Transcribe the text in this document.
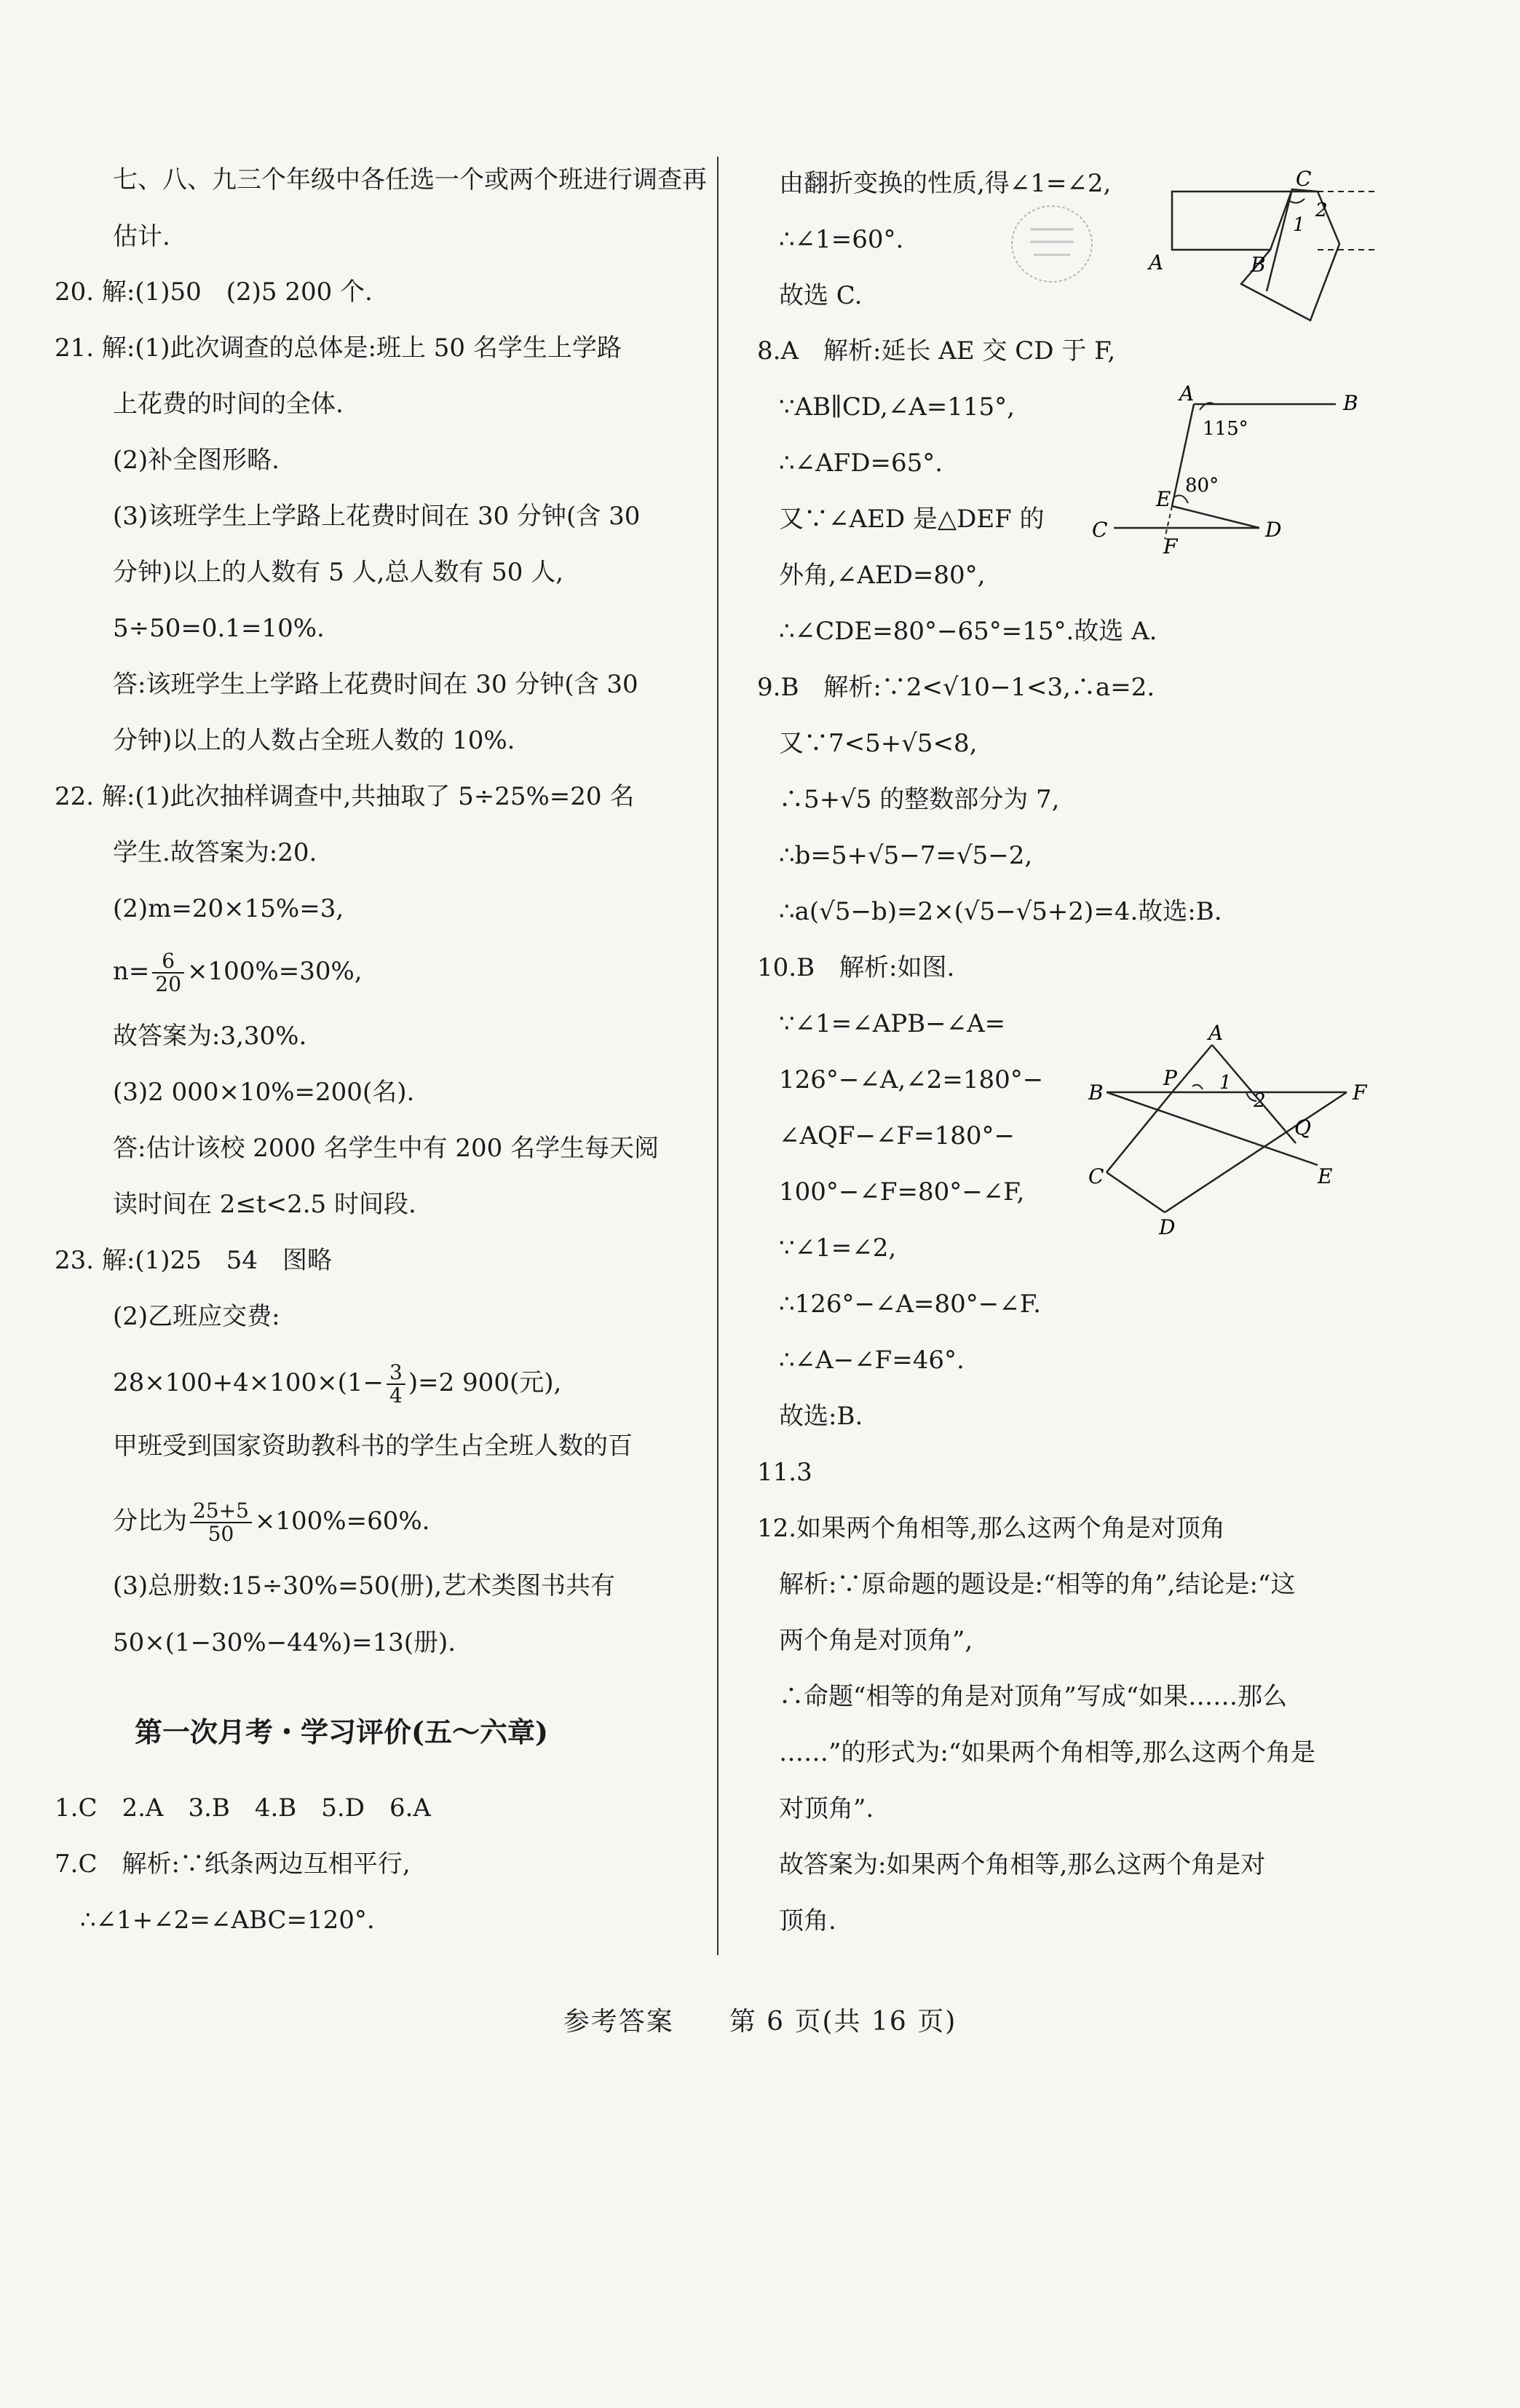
七、八、九三个年级中各任选一个或两个班进行调查再
估计.
20. 解:(1)50　(2)5 200 个.
21. 解:(1)此次调查的总体是:班上 50 名学生上学路
上花费的时间的全体.
(2)补全图形略.
(3)该班学生上学路上花费时间在 30 分钟(含 30
分钟)以上的人数有 5 人,总人数有 50 人,
5÷50=0.1=10%.
答:该班学生上学路上花费时间在 30 分钟(含 30
分钟)以上的人数占全班人数的 10%.
22. 解:(1)此次抽样调查中,共抽取了 5÷25%=20 名
学生.故答案为:20.
(2)m=20×15%=3,
$n= \frac{6}{20} \times 100\%=30\%$,
故答案为:3,30%.
(3)2 000×10%=200(名).
答:估计该校 2000 名学生中有 200 名学生每天阅
读时间在 2≤t<2.5 时间段.
23. 解:(1)25　54　图略
(2)乙班应交费:
$28\times 100+4\times 100\times(1- \frac{3}{4} )=2$ 900(元),
甲班受到国家资助教科书的学生占全班人数的百
分比为 $\frac{25+5}{50} \times 100\%=60\%$.
(3)总册数:15÷30%=50(册),艺术类图书共有
50×(1−30%−44%)=13(册).
第一次月考・学习评价(五～六章)
1.C　2.A　3.B　4.B　5.D　6.A
7.C　解析:∵纸条两边互相平行,
∴∠1+∠2=∠ABC=120°.
由翻折变换的性质,得∠1=∠2,
∴∠1=60°.
故选 C.
8.A　解析:延长 AE 交 CD 于 F,
∵AB∥CD,∠A=115°,
∴∠AFD=65°.
又∵∠AED 是△DEF 的
外角,∠AED=80°,
∴∠CDE=80°−65°=15°.故选 A.
9.B　解析:∵2<√10−1<3,∴a=2.
又∵7<5+√5<8,
∴5+√5 的整数部分为 7,
∴b=5+√5−7=√5−2,
∴a(√5−b)=2×(√5−√5+2)=4.故选:B.
10.B　解析:如图.
∵∠1=∠APB−∠A=
126°−∠A,∠2=180°−
∠AQF−∠F=180°−
100°−∠F=80°−∠F,
∵∠1=∠2,
∴126°−∠A=80°−∠F.
∴∠A−∠F=46°.
故选:B.
11.3
12.如果两个角相等,那么这两个角是对顶角
解析:∵原命题的题设是:“相等的角”,结论是:“这
两个角是对顶角”,
∴命题“相等的角是对顶角”写成“如果……那么
……”的形式为:“如果两个角相等,那么这两个角是
对顶角”.
故答案为:如果两个角相等,那么这两个角是对
顶角.
C
2
1
A	B
A	B
115°
E
80°
C
F
D
A
B	F
P 1
2
Q
C	E
D
参考答案　　第 6 页(共 16 页)
